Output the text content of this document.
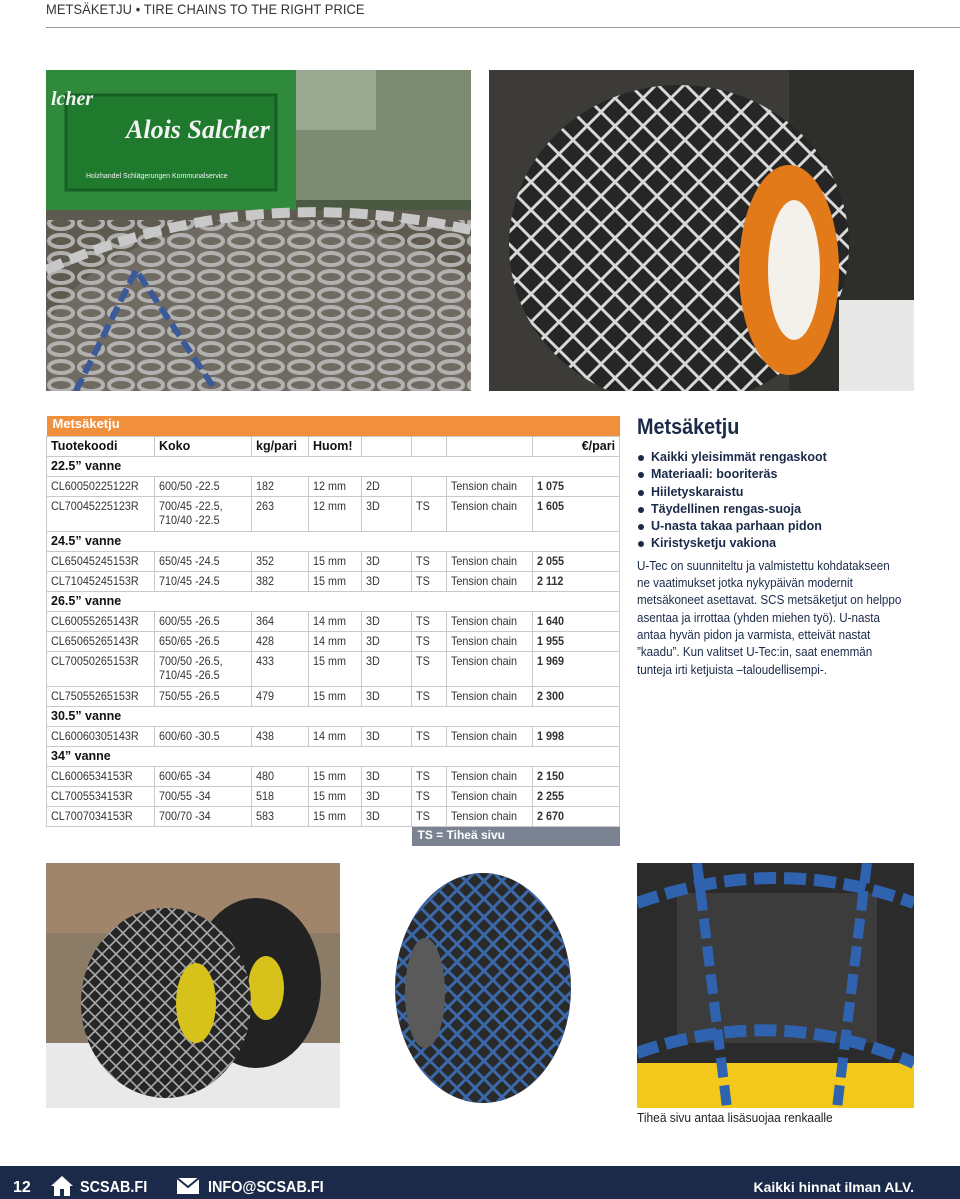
METSÄKETJU • TIRE CHAINS TO THE RIGHT PRICE
Alois Salcher
Holzhandel Schlägerungen Kommunalservice
lcher
Metsäketju							
Tuotekoodi	Koko	kg/pari	Huom!				€/pari
22.5” vanne							
CL60050225122R	600/50 -22.5	182	12 mm	2D		Tension chain	1 075
CL70045225123R	700/45 -22.5,
710/40 -22.5	263	12 mm	3D	TS	Tension chain	1 605
24.5” vanne							
CL65045245153R	650/45 -24.5	352	15 mm	3D	TS	Tension chain	2 055
CL71045245153R	710/45 -24.5	382	15 mm	3D	TS	Tension chain	2 112
26.5” vanne							
CL60055265143R	600/55 -26.5	364	14 mm	3D	TS	Tension chain	1 640
CL65065265143R	650/65 -26.5	428	14 mm	3D	TS	Tension chain	1 955
CL70050265153R	700/50 -26.5,
710/45 -26.5	433	15 mm	3D	TS	Tension chain	1 969
CL75055265153R	750/55 -26.5	479	15 mm	3D	TS	Tension chain	2 300
30.5” vanne							
CL60060305143R	600/60 -30.5	438	14 mm	3D	TS	Tension chain	1 998
34” vanne							
CL6006534153R	600/65 -34	480	15 mm	3D	TS	Tension chain	2 150
CL7005534153R	700/55 -34	518	15 mm	3D	TS	Tension chain	2 255
CL7007034153R	700/70 -34	583	15 mm	3D	TS	Tension chain	2 670
					TS = Tiheä sivu		
Metsäketju
Kaikki yleisimmät rengaskoot
Materiaali: booriteräs
Hiiletyskaraistu
Täydellinen rengas-suoja
U-nasta takaa parhaan pidon
Kiristysketju vakiona
U-Tec on suunniteltu ja valmistettu kohdatakseen ne vaatimukset jotka nykypäivän modernit metsäkoneet asettavat. SCS metsäketjut on helppo asentaa ja irrottaa (yhden miehen työ). U-nasta antaa hyvän pidon ja varmista, etteivät nastat ”kaadu”. Kun valitset U-Tec:in, saat enemmän tunteja irti ketjuista –taloudellisempi-.
Tiheä sivu antaa lisäsuojaa renkaalle
12	SCSAB.FI	INFO@SCSAB.FI	Kaikki hinnat ilman ALV.
